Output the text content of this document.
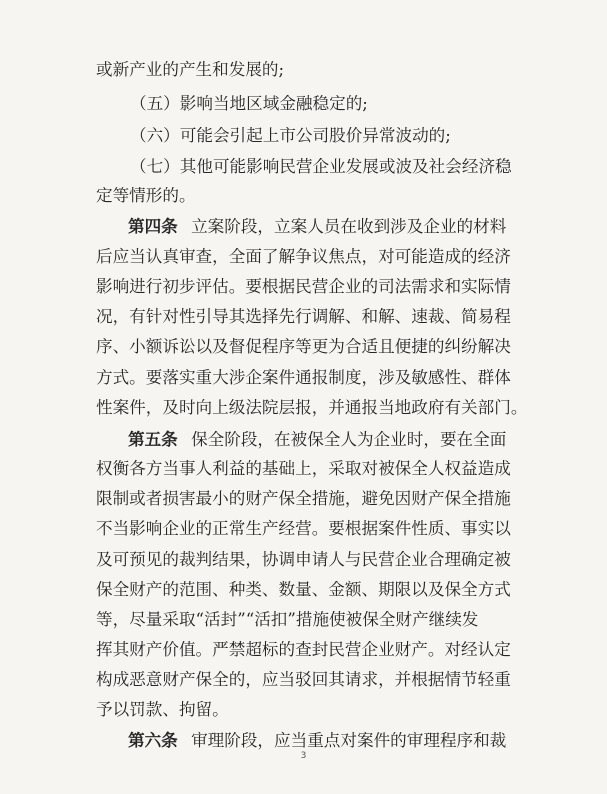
或新产业的产生和发展的;
（五）影响当地区域金融稳定的;
（六）可能会引起上市公司股价异常波动的;
（七）其他可能影响民营企业发展或波及社会经济稳
定等情形的。
第四条 立案阶段，立案人员在收到涉及企业的材料
后应当认真审查，全面了解争议焦点，对可能造成的经济
影响进行初步评估。要根据民营企业的司法需求和实际情
况，有针对性引导其选择先行调解、和解、速裁、简易程
序、小额诉讼以及督促程序等更为合适且便捷的纠纷解决
方式。要落实重大涉企案件通报制度，涉及敏感性、群体
性案件，及时向上级法院层报，并通报当地政府有关部门。
第五条 保全阶段，在被保全人为企业时，要在全面
权衡各方当事人利益的基础上，采取对被保全人权益造成
限制或者损害最小的财产保全措施，避免因财产保全措施
不当影响企业的正常生产经营。要根据案件性质、事实以
及可预见的裁判结果，协调申请人与民营企业合理确定被
保全财产的范围、种类、数量、金额、期限以及保全方式
等，尽量采取“活封”“活扣”措施使被保全财产继续发
挥其财产价值。严禁超标的查封民营企业财产。对经认定
构成恶意财产保全的，应当驳回其请求，并根据情节轻重
予以罚款、拘留。
第六条 审理阶段，应当重点对案件的审理程序和裁
3
